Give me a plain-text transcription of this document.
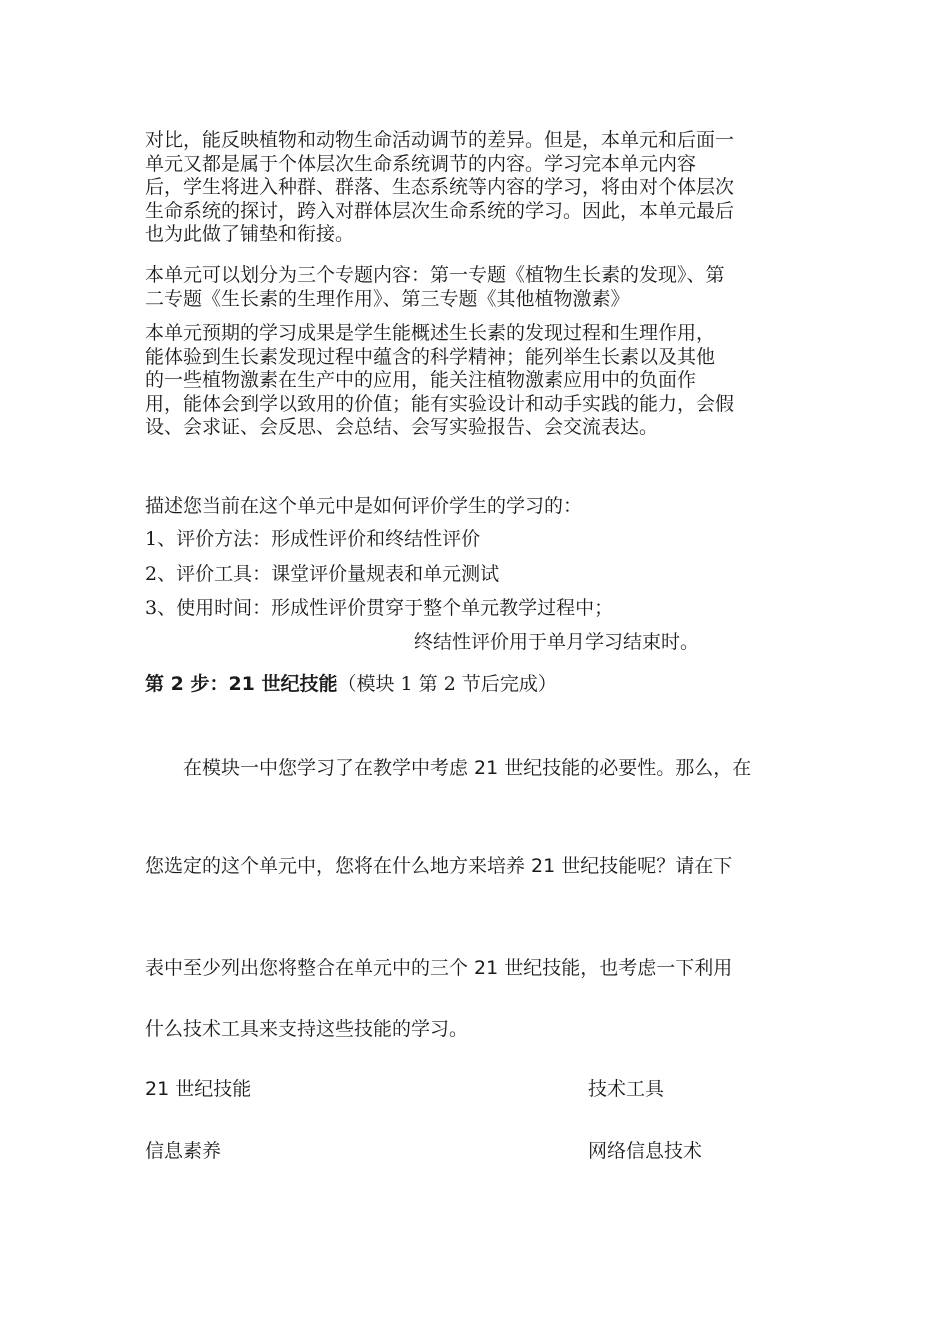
对比，能反映植物和动物生命活动调节的差异。但是，本单元和后面一
单元又都是属于个体层次生命系统调节的内容。学习完本单元内容
后，学生将进入种群、群落、生态系统等内容的学习，将由对个体层次
生命系统的探讨，跨入对群体层次生命系统的学习。因此，本单元最后
也为此做了铺垫和衔接。
本单元可以划分为三个专题内容：第一专题《植物生长素的发现》、第
二专题《生长素的生理作用》、第三专题《其他植物激素》
本单元预期的学习成果是学生能概述生长素的发现过程和生理作用，
能体验到生长素发现过程中蕴含的科学精神；能列举生长素以及其他
的一些植物激素在生产中的应用，能关注植物激素应用中的负面作
用，能体会到学以致用的价值；能有实验设计和动手实践的能力，会假
设、会求证、会反思、会总结、会写实验报告、会交流表达。
描述您当前在这个单元中是如何评价学生的学习的：
1、评价方法：形成性评价和终结性评价
2、评价工具：课堂评价量规表和单元测试
3、使用时间：形成性评价贯穿于整个单元教学过程中；
终结性评价用于单月学习结束时。
第 2 步：21 世纪技能（模块 1 第 2 节后完成）
在模块一中您学习了在教学中考虑 21 世纪技能的必要性。那么，在
您选定的这个单元中，您将在什么地方来培养 21 世纪技能呢？请在下
表中至少列出您将整合在单元中的三个 21 世纪技能，也考虑一下利用
什么技术工具来支持这些技能的学习。
21 世纪技能	技术工具
信息素养	网络信息技术
